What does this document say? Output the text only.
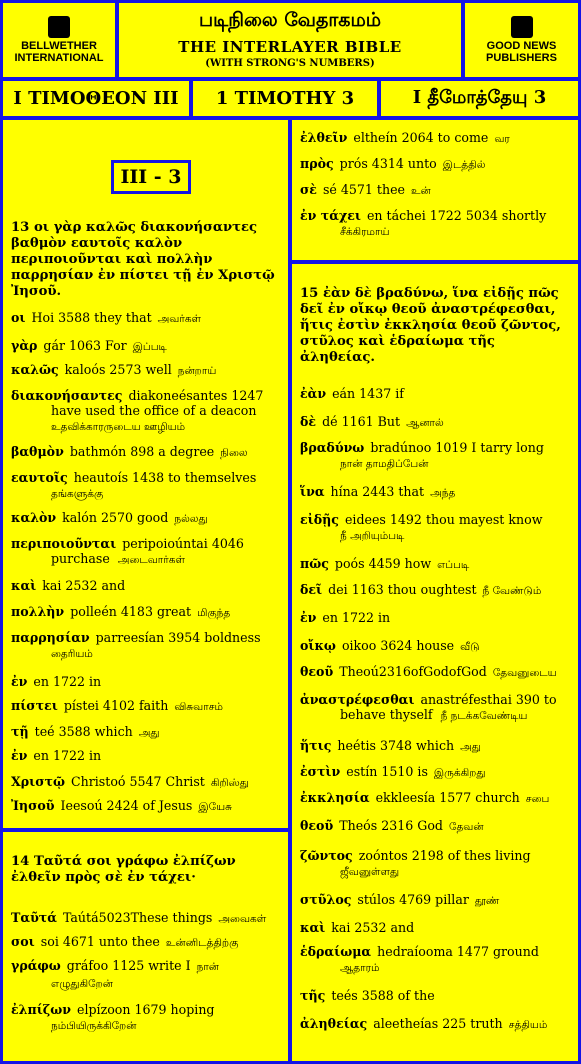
BELLWETHER INTERNATIONAL
படிநிலை வேதாகமம்
THE INTERLAYER BIBLE
(WITH STRONG'S NUMBERS)
GOOD NEWS PUBLISHERS
Ι ΤΙΜΟΘΕΟΝ ΙΙΙ	1 TIMOTHY 3	I தீமோத்தேயு 3
III - 3
13 οι γὰρ καλῶς διακονήσαντες βαθμὸν εαυτοῖς καλὸν περιποιοῦνται καὶ πολλὴν παρρησίαν ἐν πίστει τῇ ἐν Χριστῷ Ἰησοῦ.
οι Hoi 3588 they that அவர்கள்
γὰρ gár 1063 For இப்படி
καλῶς kaloós 2573 well நன்றாய்
διακονήσαντες diakoneésantes 1247
have used the office of a deacon
உதவிக்காரருடைய ஊழியம்
βαθμὸν bathmón 898 a degree நிலை
εαυτοῖς heautoís 1438 to themselves
தங்களுக்கு
καλὸν kalón 2570 good நல்லது
περιποιοῦνται peripoioúntai 4046
purchase அடைவார்கள்
καὶ kai 2532 and
πολλὴν polleén 4183 great மிகுந்த
παρρησίαν parreesían 3954 boldness
தைரியம்
ἐν en 1722 in
πίστει pístei 4102 faith விசுவாசம்
τῇ teé 3588 which அது
ἐν en 1722 in
Χριστῷ Christoó 5547 Christ கிறிஸ்து
Ἰησοῦ Ieesoú 2424 of Jesus இயேசு
14 Ταῦτά σοι γράφω ἐλπίζων ἐλθεῖν πρὸς σὲ ἐν τάχει·
Ταῦτά Taútá5023These things அவைகள்
σοι soi 4671 unto thee உன்னிடத்திற்கு
γράφω gráfoo 1125 write I நான்
எழுதுகிறேன்
ἐλπίζων elpízoon 1679 hoping
நம்பியிருக்கிறேன்
ἐλθεῖν eltheín 2064 to come வர
πρὸς prós 4314 unto இடத்தில்
σὲ sé 4571 thee உன்
ἐν τάχει en táchei 1722 5034 shortly
சீக்கிரமாய்
15 ἐὰν δὲ βραδύνω, ἵνα εἰδῇς πῶς δεῖ ἐν οἴκῳ θεοῦ ἀναστρέφεσθαι, ἥτις ἐστὶν ἐκκλησία θεοῦ ζῶντος, στῦλος καὶ ἑδραίωμα τῆς ἀληθείας.
ἐὰν eán 1437 if
δὲ dé 1161 But ஆனால்
βραδύνω bradúnoo 1019 I tarry long
நான் தாமதிப்பேன்
ἵνα hína 2443 that அந்த
εἰδῇς eidees 1492 thou mayest know
நீ அறியும்படி
πῶς poós 4459 how எப்படி
δεῖ dei 1163 thou oughtest நீ வேண்டும்
ἐν en 1722 in
οἴκῳ oikoo 3624 house வீடு
θεοῦ Theoú2316ofGodofGod தேவனுடைய
ἀναστρέφεσθαι anastréfesthai 390 to
behave thyself நீ நடக்கவேண்டிய
ἥτις heétis 3748 which அது
ἐστὶν estín 1510 is இருக்கிறது
ἐκκλησία ekkleesía 1577 church சபை
θεοῦ Theós 2316 God தேவன்
ζῶντος zoóntos 2198 of thes living
ஜீவனுள்ளது
στῦλος stúlos 4769 pillar தூண்
καὶ kai 2532 and
ἑδραίωμα hedraíooma 1477 ground
ஆதாரம்
τῆς teés 3588 of the
ἀληθείας aleetheías 225 truth சத்தியம்
